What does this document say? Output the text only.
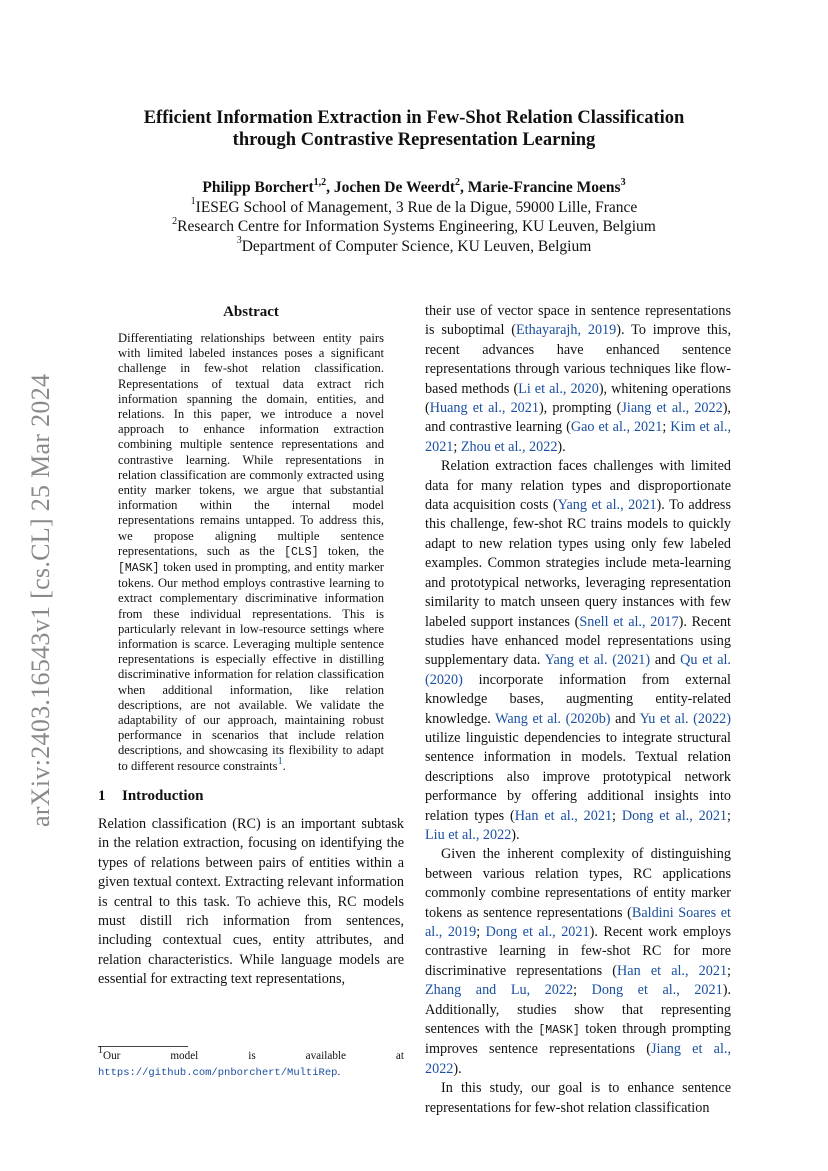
arXiv:2403.16543v1 [cs.CL] 25 Mar 2024

Efficient Information Extraction in Few-Shot Relation Classification

through Contrastive Representation Learning

Philipp Borchert$^{1,2}$, Jochen De Weerdt$^2$, Marie-Francine Moens$^3$
$^1$IESEG School of Management, 3 Rue de la Digue, 59000 Lille, France
$^2$Research Centre for Information Systems Engineering, KU Leuven, Belgium
$^3$Department of Computer Science, KU Leuven, Belgium
Abstract

Differentiating relationships between entity pairs with limited labeled instances poses a significant challenge in few-shot relation classification. Representations of textual data extract rich information spanning the domain, entities, and relations. In this paper, we introduce a novel approach to enhance information extraction combining multiple sentence representations and contrastive learning. While representations in relation classification are commonly extracted using entity marker tokens, we argue that substantial information within the internal model representations remains untapped. To address this, we propose aligning multiple sentence representations, such as the [CLS] token, the [MASK] token used in prompting, and entity marker tokens. Our method employs contrastive learning to extract complementary discriminative information from these individual representations. This is particularly relevant in low-resource settings where information is scarce. Leveraging multiple sentence representations is especially effective in distilling discriminative information for relation classification when additional information, like relation descriptions, are not available. We validate the adaptability of our approach, maintaining robust performance in scenarios that include relation descriptions, and showcasing its flexibility to adapt to different resource constraints$^1$.

1 Introduction

Relation classification (RC) is an important subtask in the relation extraction, focusing on identifying the types of relations between pairs of entities within a given textual context. Extracting relevant information is central to this task. To achieve this, RC models must distill rich information from sentences, including contextual cues, entity attributes, and relation characteristics. While language models are essential for extracting text representations,

their use of vector space in sentence representations is suboptimal (Ethayarajh, 2019). To improve this, recent advances have enhanced sentence representations through various techniques like flow-based methods (Li et al., 2020), whitening operations (Huang et al., 2021), prompting (Jiang et al., 2022), and contrastive learning (Gao et al., 2021; Kim et al., 2021; Zhou et al., 2022).

Relation extraction faces challenges with limited data for many relation types and disproportionate data acquisition costs (Yang et al., 2021). To address this challenge, few-shot RC trains models to quickly adapt to new relation types using only few labeled examples. Common strategies include meta-learning and prototypical networks, leveraging representation similarity to match unseen query instances with few labeled support instances (Snell et al., 2017). Recent studies have enhanced model representations using supplementary data. Yang et al. (2021) and Qu et al. (2020) incorporate information from external knowledge bases, augmenting entity-related knowledge. Wang et al. (2020b) and Yu et al. (2022) utilize linguistic dependencies to integrate structural sentence information in models. Textual relation descriptions also improve prototypical network performance by offering additional insights into relation types (Han et al., 2021; Dong et al., 2021; Liu et al., 2022).

Given the inherent complexity of distinguishing between various relation types, RC applications commonly combine representations of entity marker tokens as sentence representations (Baldini Soares et al., 2019; Dong et al., 2021). Recent work employs contrastive learning in few-shot RC for more discriminative representations (Han et al., 2021; Zhang and Lu, 2022; Dong et al., 2021). Additionally, studies show that representing sentences with the [MASK] token through prompting improves sentence representations (Jiang et al., 2022).

In this study, our goal is to enhance sentence representations for few-shot relation classification

$^1$Our model is available at https://github.com/pnborchert/MultiRep.
